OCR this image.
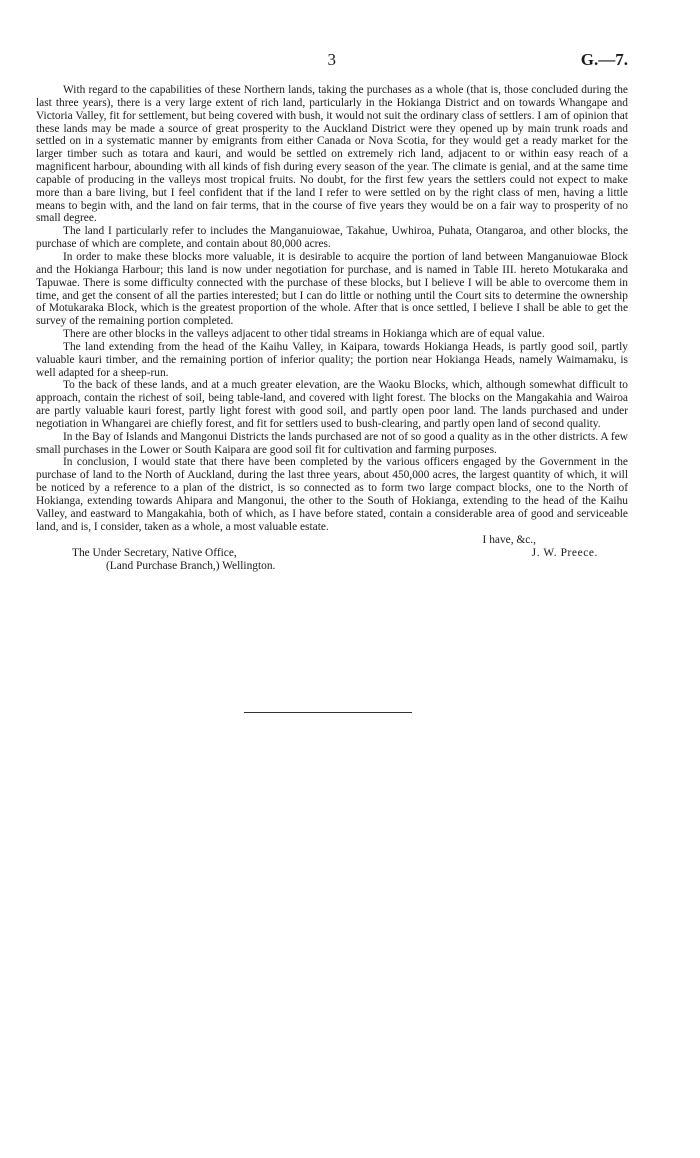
3	G.—7.

With regard to the capabilities of these Northern lands, taking the purchases as a whole (that is, those concluded during the last three years), there is a very large extent of rich land, particularly in the Hokianga District and on towards Whangape and Victoria Valley, fit for settlement, but being covered with bush, it would not suit the ordinary class of settlers. I am of opinion that these lands may be made a source of great prosperity to the Auckland District were they opened up by main trunk roads and settled on in a systematic manner by emigrants from either Canada or Nova Scotia, for they would get a ready market for the larger timber such as totara and kauri, and would be settled on extremely rich land, adjacent to or within easy reach of a magnificent harbour, abounding with all kinds of fish during every season of the year. The climate is genial, and at the same time capable of producing in the valleys most tropical fruits. No doubt, for the first few years the settlers could not expect to make more than a bare living, but I feel confident that if the land I refer to were settled on by the right class of men, having a little means to begin with, and the land on fair terms, that in the course of five years they would be on a fair way to prosperity of no small degree.

The land I particularly refer to includes the Manganuiowae, Takahue, Uwhiroa, Puhata, Otangaroa, and other blocks, the purchase of which are complete, and contain about 80,000 acres.

In order to make these blocks more valuable, it is desirable to acquire the portion of land between Manganuiowae Block and the Hokianga Harbour; this land is now under negotiation for purchase, and is named in Table III. hereto Motukaraka and Tapuwae. There is some difficulty connected with the purchase of these blocks, but I believe I will be able to overcome them in time, and get the consent of all the parties interested; but I can do little or nothing until the Court sits to determine the ownership of Motukaraka Block, which is the greatest proportion of the whole. After that is once settled, I believe I shall be able to get the survey of the remaining portion completed.

There are other blocks in the valleys adjacent to other tidal streams in Hokianga which are of equal value.

The land extending from the head of the Kaihu Valley, in Kaipara, towards Hokianga Heads, is partly good soil, partly valuable kauri timber, and the remaining portion of inferior quality; the portion near Hokianga Heads, namely Waimamaku, is well adapted for a sheep-run.

To the back of these lands, and at a much greater elevation, are the Waoku Blocks, which, although somewhat difficult to approach, contain the richest of soil, being table-land, and covered with light forest. The blocks on the Mangakahia and Wairoa are partly valuable kauri forest, partly light forest with good soil, and partly open poor land. The lands purchased and under negotiation in Whangarei are chiefly forest, and fit for settlers used to bush-clearing, and partly open land of second quality.

In the Bay of Islands and Mangonui Districts the lands purchased are not of so good a quality as in the other districts. A few small purchases in the Lower or South Kaipara are good soil fit for cultivation and farming purposes.

In conclusion, I would state that there have been completed by the various officers engaged by the Government in the purchase of land to the North of Auckland, during the last three years, about 450,000 acres, the largest quantity of which, it will be noticed by a reference to a plan of the district, is so connected as to form two large compact blocks, one to the North of Hokianga, extending towards Ahipara and Mangonui, the other to the South of Hokianga, extending to the head of the Kaihu Valley, and eastward to Mangakahia, both of which, as I have before stated, contain a considerable area of good and serviceable land, and is, I consider, taken as a whole, a most valuable estate.

I have, &c.,
The Under Secretary, Native Office,	J. W. Preece.
(Land Purchase Branch,) Wellington.
